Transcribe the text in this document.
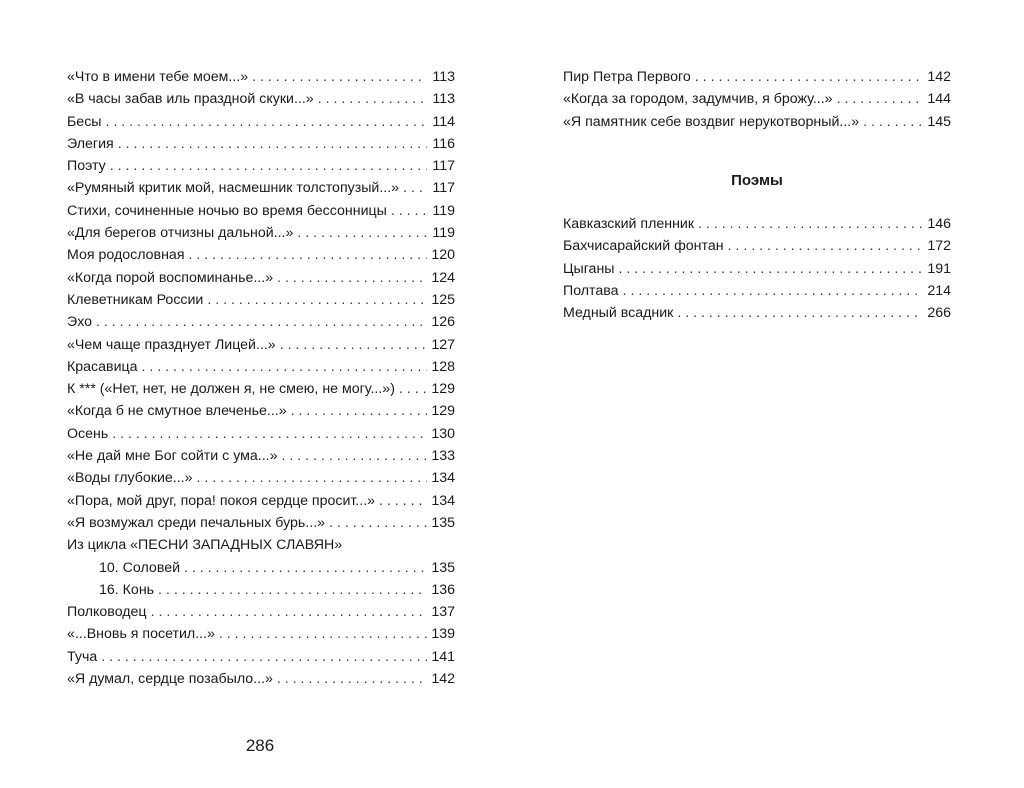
«Что в имени тебе моем...» . . .	113
«В часы забав иль праздной скуки...» . . .	113
Бесы . . .	114
Элегия . . .	116
Поэту . . .	117
«Румяный критик мой, насмешник толстопузый...» . . . 117
Стихи, сочиненные ночью во время бессонницы . . .	119
«Для берегов отчизны дальной...» . . .	119
Моя родословная . . .	120
«Когда порой воспоминанье...» . . .	124
Клеветникам России . . .	125
Эхо . . .	126
«Чем чаще празднует Лицей...» . . .	127
Красавица . . .	128
К *** («Нет, нет, не должен я, не смею, не могу...») . . .	129
«Когда б не смутное влеченье...» . . .	129
Осень . . .	130
«Не дай мне Бог сойти с ума...» . . .	133
«Воды глубокие...» . . .	134
«Пора, мой друг, пора! покоя сердце просит...» . . .	134
«Я возмужал среди печальных бурь...» . . .	135
Из цикла «ПЕСНИ ЗАПАДНЫХ СЛАВЯН»
10. Соловей . . .	135
16. Конь . . .	136
Полководец . . .	137
«...Вновь я посетил...» . . .	139
Туча . . .	141
«Я думал, сердце позабыло...» . . .	142
Пир Петра Первого . . .	142
«Когда за городом, задумчив, я брожу...» . . .	144
«Я памятник себе воздвиг нерукотворный...» . . .	145
Поэмы
Кавказский пленник . . .	146
Бахчисарайский фонтан . . .	172
Цыганы . . .	191
Полтава . . .	214
Медный всадник . . .	266
286
